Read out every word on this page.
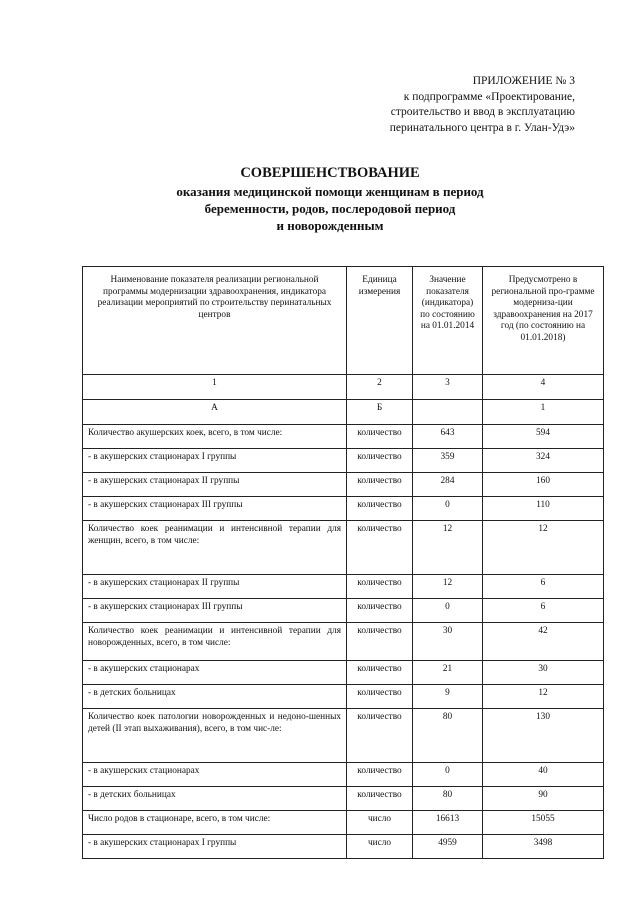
ПРИЛОЖЕНИЕ № 3
к подпрограмме «Проектирование,
строительство и ввод в эксплуатацию
перинатального центра в г. Улан-Удэ»
СОВЕРШЕНСТВОВАНИЕ
оказания медицинской помощи женщинам в период
беременности, родов, послеродовой период
и новорожденным
Наименование показателя реализации региональной программы модернизации здравоохранения, индикатора реализации мероприятий по строительству перинатальных центров	Единица измерения	Значение показателя (индикатора) по состоянию на 01.01.2014	Предусмотрено в региональной про-грамме модерниза-ции здравоохранения на 2017 год (по состоянию на 01.01.2018)
1	2	3	4
А	Б		1
Количество акушерских коек, всего, в том числе:	количество	643	594
- в акушерских стационарах I группы	количество	359	324
- в акушерских стационарах II группы	количество	284	160
- в акушерских стационарах III группы	количество	0	110
Количество коек реанимации и интенсивной терапии для женщин, всего, в том числе:	количество	12	12
- в акушерских стационарах II группы	количество	12	6
- в акушерских стационарах III группы	количество	0	6
Количество коек реанимации и интенсивной терапии для новорожденных, всего, в том числе:	количество	30	42
- в акушерских стационарах	количество	21	30
- в детских больницах	количество	9	12
Количество коек патологии новорожденных и недоно-шенных детей (II этап выхаживания), всего, в том чис-ле:	количество	80	130
- в акушерских стационарах	количество	0	40
- в детских больницах	количество	80	90
Число родов в стационаре, всего, в том числе:	число	16613	15055
- в акушерских стационарах I группы	число	4959	3498
